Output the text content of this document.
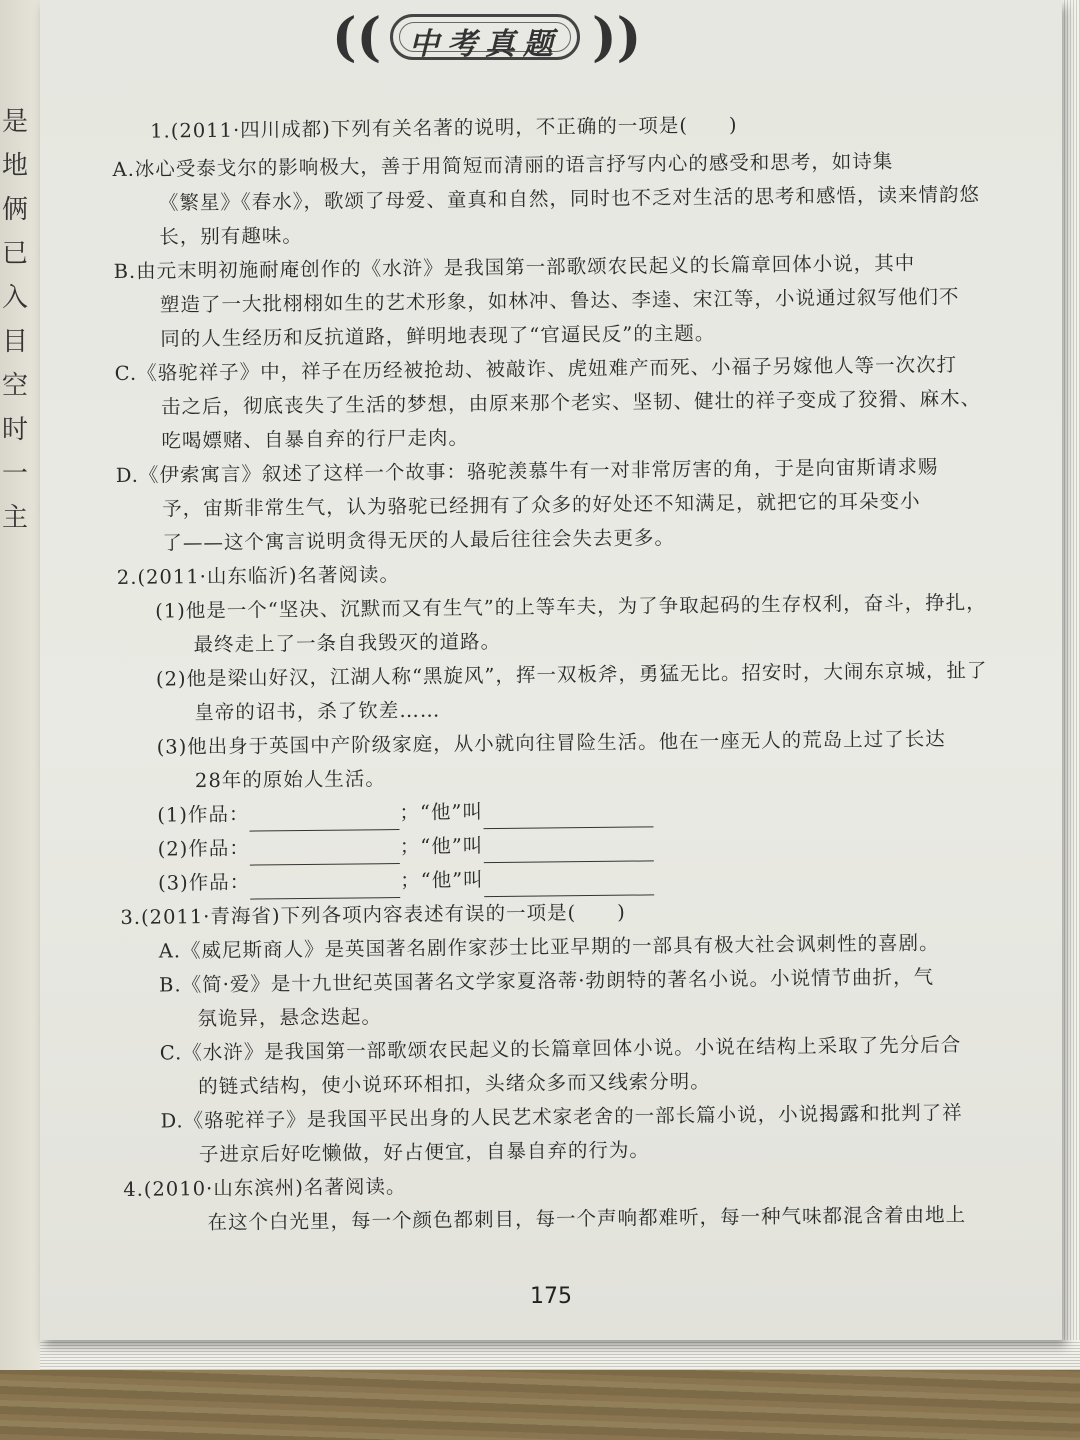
是地俩已入目空时一主
(( 中考真题 ))
1.(2011·四川成都)下列有关名著的说明，不正确的一项是(　　)
A.冰心受泰戈尔的影响极大，善于用简短而清丽的语言抒写内心的感受和思考，如诗集
《繁星》《春水》，歌颂了母爱、童真和自然，同时也不乏对生活的思考和感悟，读来情韵悠
长，别有趣味。
B.由元末明初施耐庵创作的《水浒》是我国第一部歌颂农民起义的长篇章回体小说，其中
塑造了一大批栩栩如生的艺术形象，如林冲、鲁达、李逵、宋江等，小说通过叙写他们不
同的人生经历和反抗道路，鲜明地表现了“官逼民反”的主题。
C.《骆驼祥子》中，祥子在历经被抢劫、被敲诈、虎妞难产而死、小福子另嫁他人等一次次打
击之后，彻底丧失了生活的梦想，由原来那个老实、坚韧、健壮的祥子变成了狡猾、麻木、
吃喝嫖赌、自暴自弃的行尸走肉。
D.《伊索寓言》叙述了这样一个故事：骆驼羡慕牛有一对非常厉害的角，于是向宙斯请求赐
予，宙斯非常生气，认为骆驼已经拥有了众多的好处还不知满足，就把它的耳朵变小
了——这个寓言说明贪得无厌的人最后往往会失去更多。
2.(2011·山东临沂)名著阅读。
(1)他是一个“坚决、沉默而又有生气”的上等车夫，为了争取起码的生存权利，奋斗，挣扎，
最终走上了一条自我毁灭的道路。
(2)他是梁山好汉，江湖人称“黑旋风”，挥一双板斧，勇猛无比。招安时，大闹东京城，扯了
皇帝的诏书，杀了钦差……
(3)他出身于英国中产阶级家庭，从小就向往冒险生活。他在一座无人的荒岛上过了长达
28年的原始人生活。
(1)作品：	；“他”叫
(2)作品：	；“他”叫
(3)作品：	；“他”叫
3.(2011·青海省)下列各项内容表述有误的一项是(　　)
A.《威尼斯商人》是英国著名剧作家莎士比亚早期的一部具有极大社会讽刺性的喜剧。
B.《简·爱》是十九世纪英国著名文学家夏洛蒂·勃朗特的著名小说。小说情节曲折，气
氛诡异，悬念迭起。
C.《水浒》是我国第一部歌颂农民起义的长篇章回体小说。小说在结构上采取了先分后合
的链式结构，使小说环环相扣，头绪众多而又线索分明。
D.《骆驼祥子》是我国平民出身的人民艺术家老舍的一部长篇小说，小说揭露和批判了祥
子进京后好吃懒做，好占便宜，自暴自弃的行为。
4.(2010·山东滨州)名著阅读。
在这个白光里，每一个颜色都刺目，每一个声响都难听，每一种气味都混含着由地上
175
